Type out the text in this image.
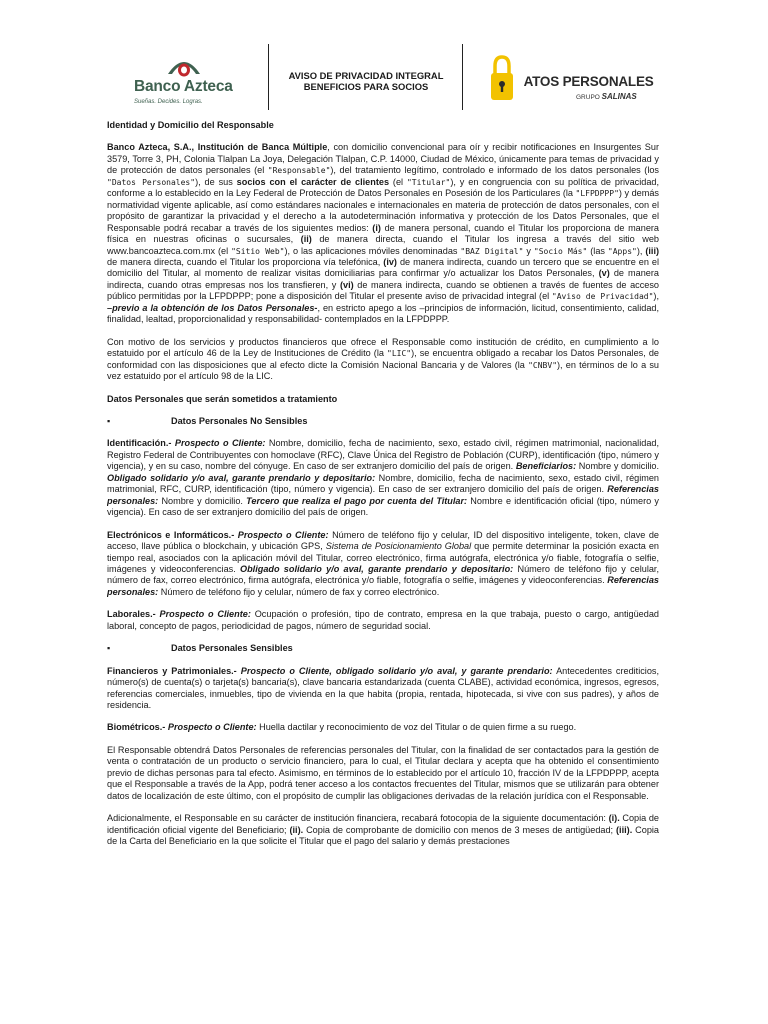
Banco Azteca
Sueñas. Decides. Logras.
AVISO DE PRIVACIDAD INTEGRAL
BENEFICIOS PARA SOCIOS	ATOS PERSONALES
GRUPO SALINAS

Identidad y Domicilio del Responsable

Banco Azteca, S.A., Institución de Banca Múltiple, con domicilio convencional para oír y recibir notificaciones en Insurgentes Sur 3579, Torre 3, PH, Colonia Tlalpan La Joya, Delegación Tlalpan, C.P. 14000, Ciudad de México, únicamente para temas de privacidad y de protección de datos personales (el "Responsable"), del tratamiento legítimo, controlado e informado de los datos personales (los "Datos Personales"), de sus socios con el carácter de clientes (el "Titular"), y en congruencia con su política de privacidad, conforme a lo establecido en la Ley Federal de Protección de Datos Personales en Posesión de los Particulares (la "LFPDPPP") y demás normatividad vigente aplicable, así como estándares nacionales e internacionales en materia de protección de datos personales, con el propósito de garantizar la privacidad y el derecho a la autodeterminación informativa y protección de los Datos Personales, que el Responsable podrá recabar a través de los siguientes medios: (i) de manera personal, cuando el Titular los proporciona de manera física en nuestras oficinas o sucursales, (ii) de manera directa, cuando el Titular los ingresa a través del sitio web www.bancoazteca.com.mx (el "Sitio Web"), o las aplicaciones móviles denominadas "BAZ Digital" y "Socio Más" (las "Apps"), (iii) de manera directa, cuando el Titular los proporciona vía telefónica, (iv) de manera indirecta, cuando un tercero que se encuentre en el domicilio del Titular, al momento de realizar visitas domiciliarias para confirmar y/o actualizar los Datos Personales, (v) de manera indirecta, cuando otras empresas nos los transfieren, y (vi) de manera indirecta, cuando se obtienen a través de fuentes de acceso público permitidas por la LFPDPPP; pone a disposición del Titular el presente aviso de privacidad integral (el "Aviso de Privacidad"), –previo a la obtención de los Datos Personales-, en estricto apego a los –principios de información, licitud, consentimiento, calidad, finalidad, lealtad, proporcionalidad y responsabilidad- contemplados en la LFPDPPP.

Con motivo de los servicios y productos financieros que ofrece el Responsable como institución de crédito, en cumplimiento a lo estatuido por el artículo 46 de la Ley de Instituciones de Crédito (la "LIC"), se encuentra obligado a recabar los Datos Personales, de conformidad con las disposiciones que al efecto dicte la Comisión Nacional Bancaria y de Valores (la "CNBV"), en términos de lo a su vez estatuido por el artículo 98 de la LIC.

Datos Personales que serán sometidos a tratamiento

▪	Datos Personales No Sensibles

Identificación.- Prospecto o Cliente: Nombre, domicilio, fecha de nacimiento, sexo, estado civil, régimen matrimonial, nacionalidad, Registro Federal de Contribuyentes con homoclave (RFC), Clave Única del Registro de Población (CURP), identificación (tipo, número y vigencia), y en su caso, nombre del cónyuge. En caso de ser extranjero domicilio del país de origen. Beneficiarios: Nombre y domicilio. Obligado solidario y/o aval, garante prendario y depositario: Nombre, domicilio, fecha de nacimiento, sexo, estado civil, régimen matrimonial, RFC, CURP, identificación (tipo, número y vigencia). En caso de ser extranjero domicilio del país de origen. Referencias personales: Nombre y domicilio. Tercero que realiza el pago por cuenta del Titular: Nombre e identificación oficial (tipo, número y vigencia). En caso de ser extranjero domicilio del país de origen.

Electrónicos e Informáticos.- Prospecto o Cliente: Número de teléfono fijo y celular, ID del dispositivo inteligente, token, clave de acceso, llave pública o blockchain, y ubicación GPS, Sistema de Posicionamiento Global que permite determinar la posición exacta en tiempo real, asociados con la aplicación móvil del Titular, correo electrónico, firma autógrafa, electrónica y/o fiable, fotografía o selfie, imágenes y videoconferencias. Obligado solidario y/o aval, garante prendario y depositario: Número de teléfono fijo y celular, número de fax, correo electrónico, firma autógrafa, electrónica y/o fiable, fotografía o selfie, imágenes y videoconferencias. Referencias personales: Número de teléfono fijo y celular, número de fax y correo electrónico.

Laborales.- Prospecto o Cliente: Ocupación o profesión, tipo de contrato, empresa en la que trabaja, puesto o cargo, antigüedad laboral, concepto de pagos, periodicidad de pagos, número de seguridad social.

▪	Datos Personales Sensibles

Financieros y Patrimoniales.- Prospecto o Cliente, obligado solidario y/o aval, y garante prendario: Antecedentes crediticios, número(s) de cuenta(s) o tarjeta(s) bancaria(s), clave bancaria estandarizada (cuenta CLABE), actividad económica, ingresos, egresos, referencias comerciales, inmuebles, tipo de vivienda en la que habita (propia, rentada, hipotecada, si vive con sus padres), y años de residencia.

Biométricos.- Prospecto o Cliente: Huella dactilar y reconocimiento de voz del Titular o de quien firme a su ruego.

El Responsable obtendrá Datos Personales de referencias personales del Titular, con la finalidad de ser contactados para la gestión de venta o contratación de un producto o servicio financiero, para lo cual, el Titular declara y acepta que ha obtenido el consentimiento previo de dichas personas para tal efecto. Asimismo, en términos de lo establecido por el artículo 10, fracción IV de la LFPDPPP, acepta que el Responsable a través de la App, podrá tener acceso a los contactos frecuentes del Titular, mismos que se utilizarán para obtener datos de localización de este último, con el propósito de cumplir las obligaciones derivadas de la relación jurídica con el Responsable.

Adicionalmente, el Responsable en su carácter de institución financiera, recabará fotocopia de la siguiente documentación: (i). Copia de identificación oficial vigente del Beneficiario; (ii). Copia de comprobante de domicilio con menos de 3 meses de antigüedad; (iii). Copia de la Carta del Beneficiario en la que solicite el Titular que el pago del salario y demás prestaciones
